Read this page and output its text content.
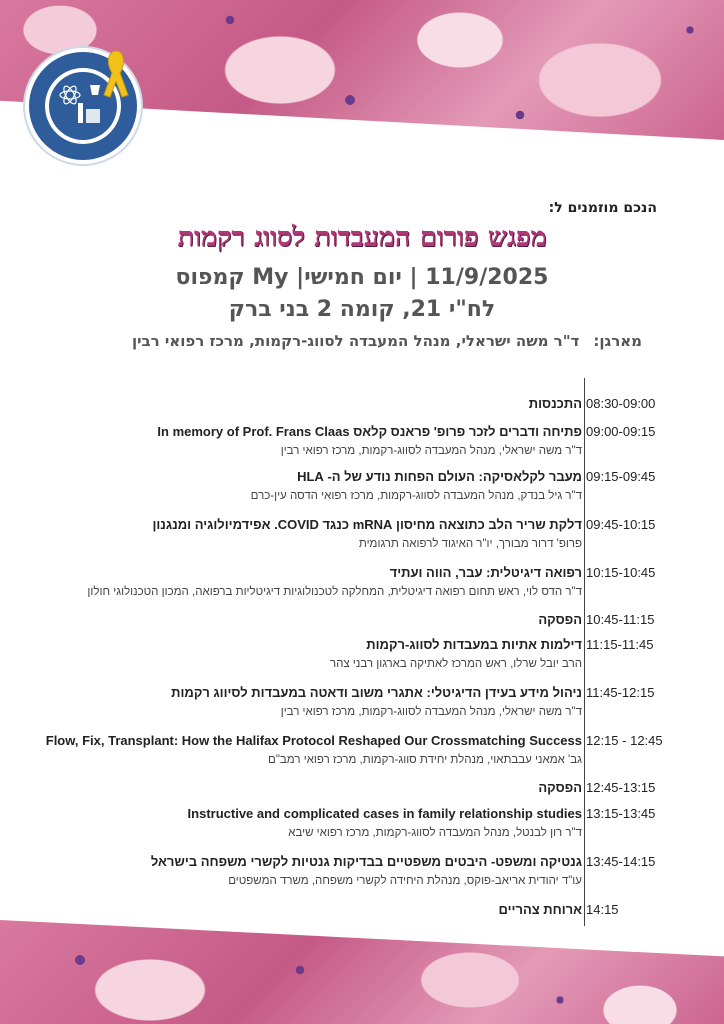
הנכם מוזמנים ל:
מפגש פורום המעבדות לסווג רקמות
11/9/2025 | יום חמישי| My קמפוס
לח"י 21, קומה 2 בני ברק
מארגן:ד"ר משה ישראלי, מנהל המעבדה לסווג-רקמות, מרכז רפואי רבין
08:30-09:00
התכנסות
09:00-09:15
פתיחה ודברים לזכר פרופ' פראנס קלאס In memory of Prof. Frans Claas
ד"ר משה ישראלי, מנהל המעבדה לסווג-רקמות, מרכז רפואי רבין
09:15-09:45
מעבר לקלאסיקה: העולם הפחות נודע של ה- HLA
ד"ר גיל בנדק, מנהל המעבדה לסווג-רקמות, מרכז רפואי הדסה עין-כרם
09:45-10:15
דלקת שריר הלב כתוצאה מחיסון mRNA כנגד COVID. אפידמיולוגיה ומנגנון
פרופ' דרור מבורך, יו"ר האיגוד לרפואה תרגומית
10:15-10:45
רפואה דיגיטלית: עבר, הווה ועתיד
ד"ר הדס לוי, ראש תחום רפואה דיגיטלית, המחלקה לטכנולוגיות דיגיטליות ברפואה, המכון הטכנולוגי חולון
10:45-11:15
הפסקה
11:15-11:45
דילמות אתיות במעבדות לסווג-רקמות
הרב יובל שרלו, ראש המרכז לאתיקה בארגון רבני צהר
11:45-12:15
ניהול מידע בעידן הדיגיטלי: אתגרי משוב ודאטה במעבדות לסיווג רקמות
ד"ר משה ישראלי, מנהל המעבדה לסווג-רקמות, מרכז רפואי רבין
12:15 - 12:45
Flow, Fix, Transplant: How the Halifax Protocol Reshaped Our Crossmatching Success
גב' אמאני עבבתאוי, מנהלת יחידת סווג-רקמות, מרכז רפואי רמב"ם
12:45-13:15
הפסקה
13:15-13:45
Instructive and complicated cases in family relationship studies
ד"ר רון לבנטל, מנהל המעבדה לסווג-רקמות, מרכז רפואי שיבא
13:45-14:15
גנטיקה ומשפט- היבטים משפטיים בבדיקות גנטיות לקשרי משפחה בישראל
עו"ד יהודית אריאב-פוקס, מנהלת היחידה לקשרי משפחה, משרד המשפטים
14:15
ארוחת צהריים
